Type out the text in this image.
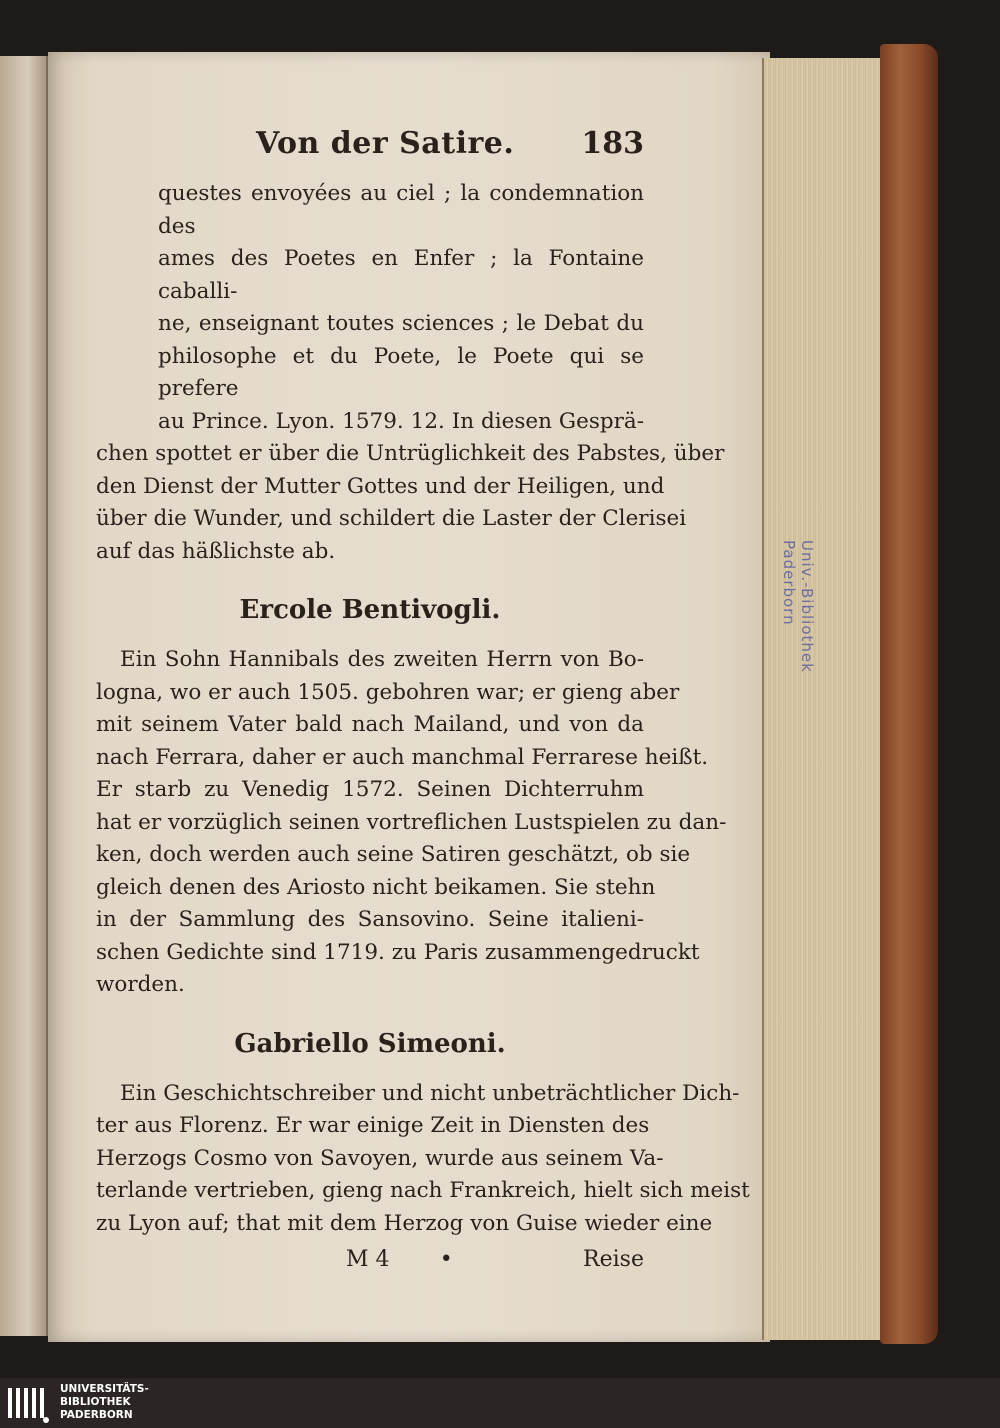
Univ.-Bibliothek Paderborn
Von der Satire. 183

questes envoyées au ciel ; la condemnation des

ames des Poetes en Enfer ; la Fontaine caballi-

ne, enseignant toutes sciences ; le Debat du

philosophe et du Poete, le Poete qui se prefere

au Prince. Lyon. 1579. 12. In diesen Gesprä-

chen spottet er über die Untrüglichkeit des Pabstes, über

den Dienst der Mutter Gottes und der Heiligen, und

über die Wunder, und schildert die Laster der Clerisei

auf das häßlichste ab.

Ercole Bentivogli.

Ein Sohn Hannibals des zweiten Herrn von Bo-

logna, wo er auch 1505. gebohren war; er gieng aber

mit seinem Vater bald nach Mailand, und von da

nach Ferrara, daher er auch manchmal Ferrarese heißt.

Er starb zu Venedig 1572. Seinen Dichterruhm

hat er vorzüglich seinen vortreflichen Lustspielen zu dan-

ken, doch werden auch seine Satiren geschätzt, ob sie

gleich denen des Ariosto nicht beikamen. Sie stehn

in der Sammlung des Sansovino. Seine italieni-

schen Gedichte sind 1719. zu Paris zusammengedruckt

worden.

Gabriello Simeoni.

Ein Geschichtschreiber und nicht unbeträchtlicher Dich-

ter aus Florenz. Er war einige Zeit in Diensten des

Herzogs Cosmo von Savoyen, wurde aus seinem Va-

terlande vertrieben, gieng nach Frankreich, hielt sich meist

zu Lyon auf; that mit dem Herzog von Guise wieder eine

M 4 •	Reise
UNIVERSITÄTS-
BIBLIOTHEK
PADERBORN
